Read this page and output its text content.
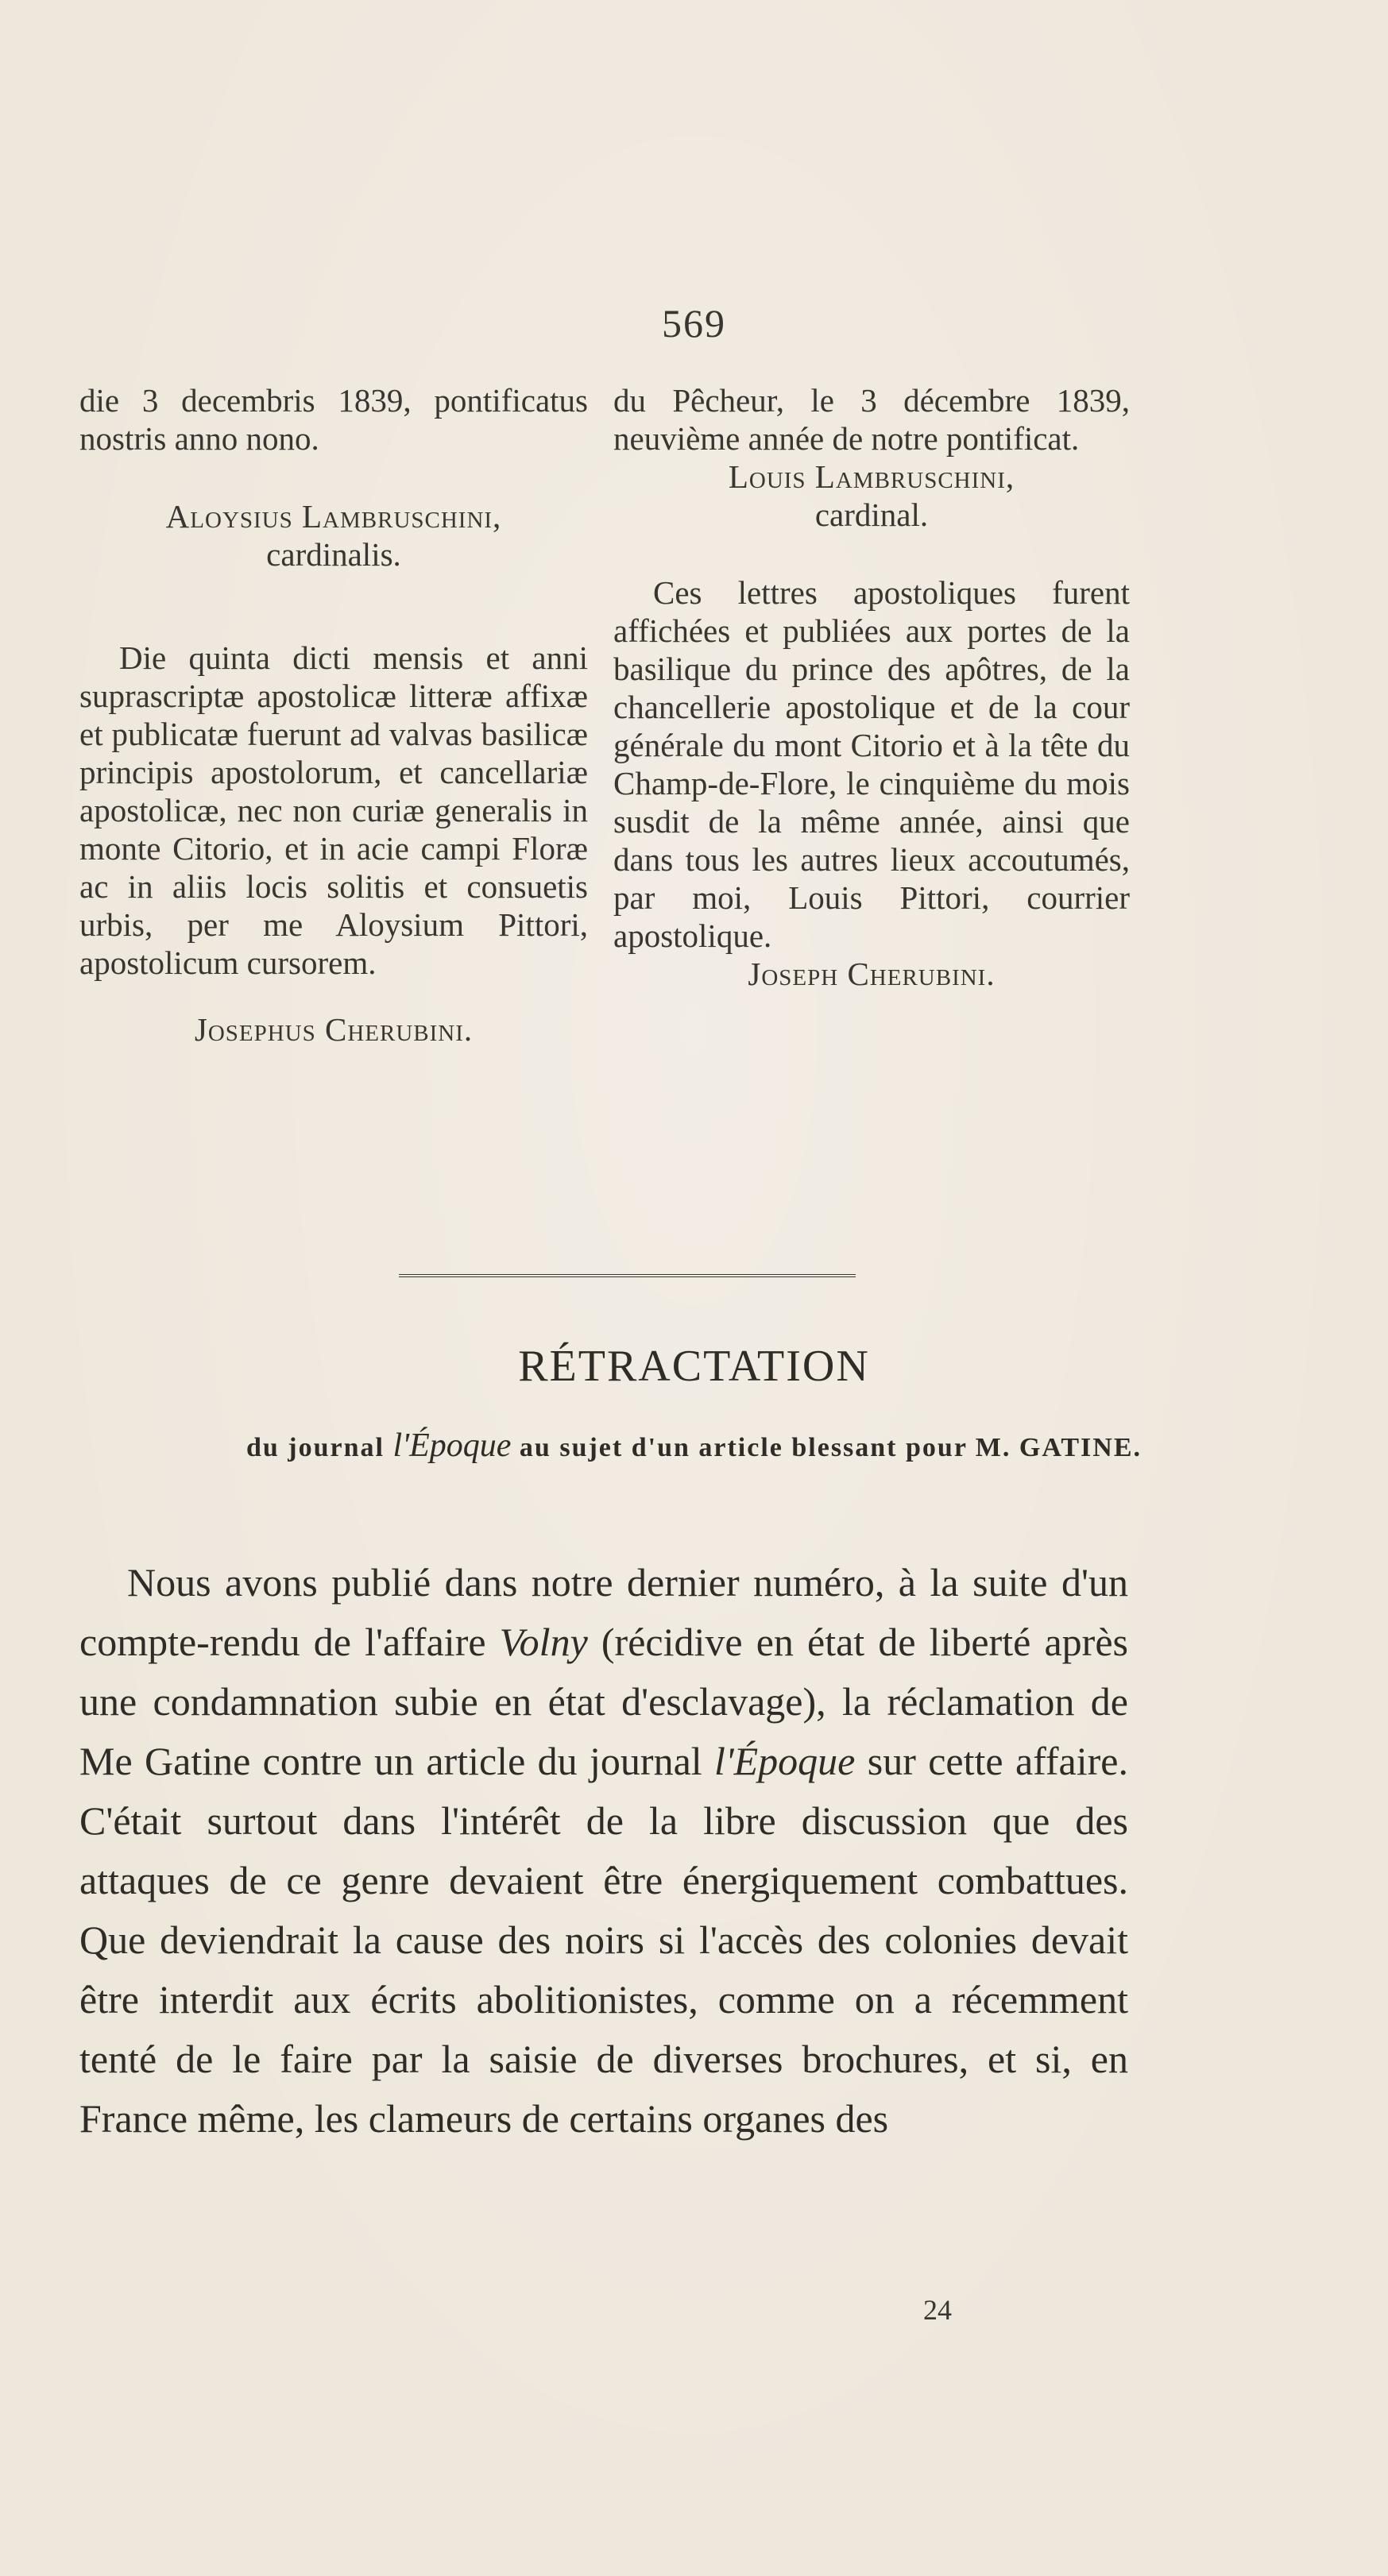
569

die 3 decembris 1839, pontificatus nostris anno nono.

Aloysius Lambruschini,

cardinalis.

Die quinta dicti mensis et anni suprascriptæ apostolicæ litteræ affixæ et publicatæ fuerunt ad valvas basilicæ principis apostolorum, et cancellariæ apostolicæ, nec non curiæ generalis in monte Citorio, et in acie campi Floræ ac in aliis locis solitis et consuetis urbis, per me Aloysium Pittori, apostolicum cursorem.

Josephus Cherubini.

du Pêcheur, le 3 décembre 1839, neuvième année de notre pontificat.

Louis Lambruschini,

cardinal.

Ces lettres apostoliques furent affichées et publiées aux portes de la basilique du prince des apôtres, de la chancellerie apostolique et de la cour générale du mont Citorio et à la tête du Champ-de-Flore, le cinquième du mois susdit de la même année, ainsi que dans tous les autres lieux accoutumés, par moi, Louis Pittori, courrier apostolique.

Joseph Cherubini.

RÉTRACTATION
du journal l'Époque au sujet d'un article blessant pour M. GATINE.

Nous avons publié dans notre dernier numéro, à la suite d'un compte-rendu de l'affaire Volny (récidive en état de liberté après une condamnation subie en état d'esclavage), la réclamation de Me Gatine contre un article du journal l'Époque sur cette affaire. C'était surtout dans l'intérêt de la libre discussion que des attaques de ce genre devaient être énergiquement combattues. Que deviendrait la cause des noirs si l'accès des colonies devait être interdit aux écrits abolitionistes, comme on a récemment tenté de le faire par la saisie de diverses brochures, et si, en France même, les clameurs de certains organes des

24
